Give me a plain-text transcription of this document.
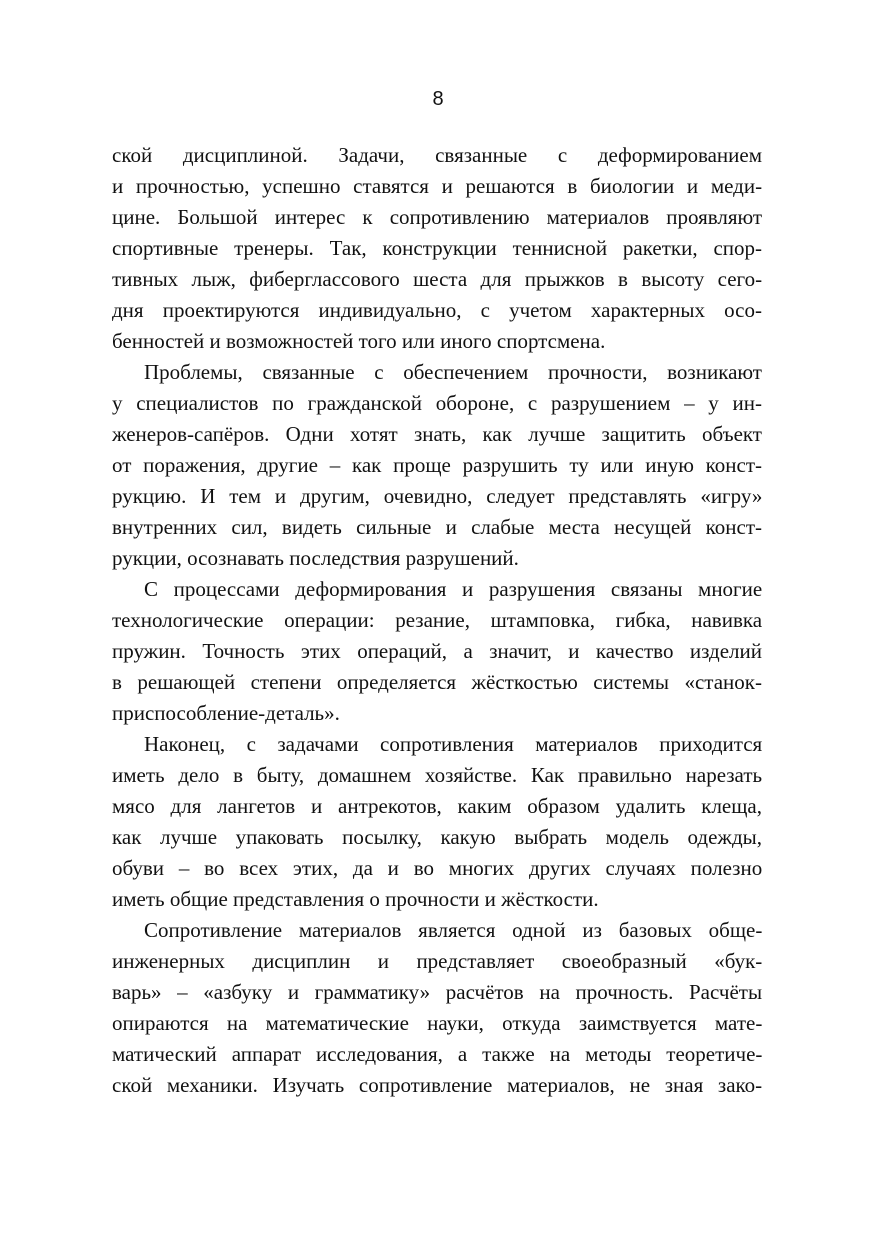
8

ской дисциплиной. Задачи, связанные с деформированием
и прочностью, успешно ставятся и решаются в биологии и меди-
цине. Большой интерес к сопротивлению материалов проявляют
спортивные тренеры. Так, конструкции теннисной ракетки, спор-
тивных лыж, фиберглассового шеста для прыжков в высоту сего-
дня проектируются индивидуально, с учетом характерных осо-
бенностей и возможностей того или иного спортсмена.

Проблемы, связанные с обеспечением прочности, возникают
у специалистов по гражданской обороне, с разрушением – у ин-
женеров-сапёров. Одни хотят знать, как лучше защитить объект
от поражения, другие – как проще разрушить ту или иную конст-
рукцию. И тем и другим, очевидно, следует представлять «игру»
внутренних сил, видеть сильные и слабые места несущей конст-
рукции, осознавать последствия разрушений.

С процессами деформирования и разрушения связаны многие
технологические операции: резание, штамповка, гибка, навивка
пружин. Точность этих операций, а значит, и качество изделий
в решающей степени определяется жёсткостью системы «станок-
приспособление-деталь».

Наконец, с задачами сопротивления материалов приходится
иметь дело в быту, домашнем хозяйстве. Как правильно нарезать
мясо для лангетов и антрекотов, каким образом удалить клеща,
как лучше упаковать посылку, какую выбрать модель одежды,
обуви – во всех этих, да и во многих других случаях полезно
иметь общие представления о прочности и жёсткости.

Сопротивление материалов является одной из базовых обще-
инженерных дисциплин и представляет своеобразный «бук-
варь» – «азбуку и грамматику» расчётов на прочность. Расчёты
опираются на математические науки, откуда заимствуется мате-
матический аппарат исследования, а также на методы теоретиче-
ской механики. Изучать сопротивление материалов, не зная зако-
